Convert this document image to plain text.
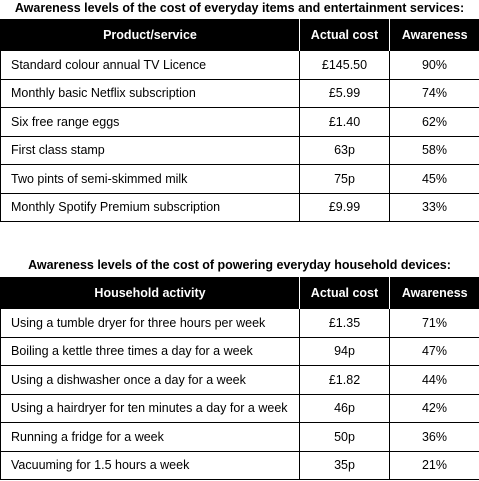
Awareness levels of the cost of everyday items and entertainment services:
Product/service	Actual cost	Awareness
Standard colour annual TV Licence	£145.50	90%
Monthly basic Netflix subscription	£5.99	74%
Six free range eggs	£1.40	62%
First class stamp	63p	58%
Two pints of semi-skimmed milk	75p	45%
Monthly Spotify Premium subscription	£9.99	33%
Awareness levels of the cost of powering everyday household devices:
Household activity	Actual cost	Awareness
Using a tumble dryer for three hours per week	£1.35	71%
Boiling a kettle three times a day for a week	94p	47%
Using a dishwasher once a day for a week	£1.82	44%
Using a hairdryer for ten minutes a day for a week	46p	42%
Running a fridge for a week	50p	36%
Vacuuming for 1.5 hours a week	35p	21%
